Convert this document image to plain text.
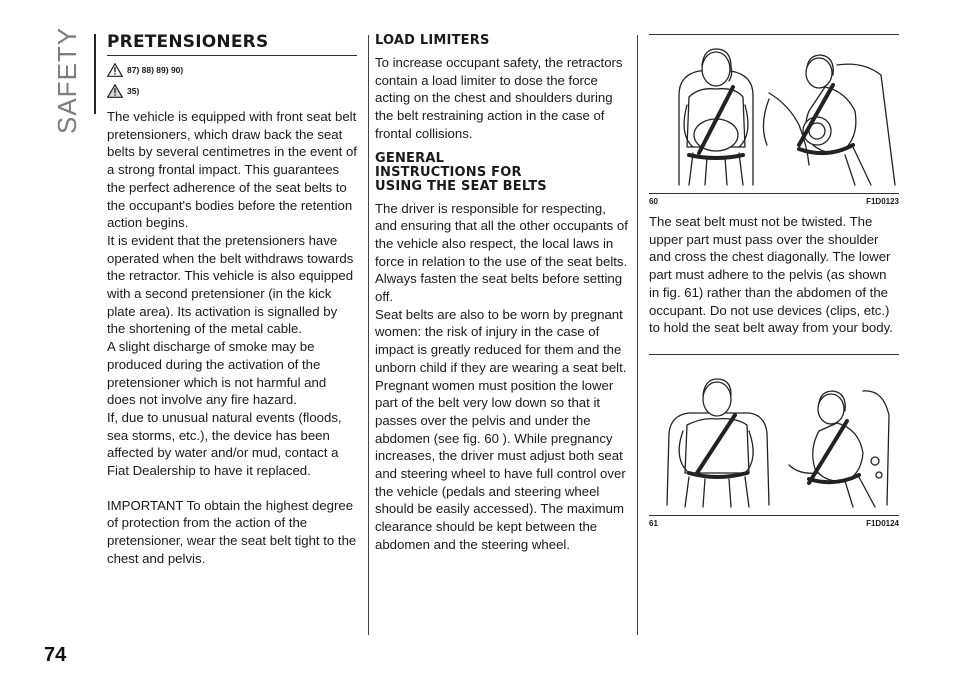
SAFETY
74
PRETENSIONERS
87) 88) 89) 90)
35)

The vehicle is equipped with front seat belt pretensioners, which draw back the seat belts by several centimetres in the event of a strong frontal impact. This guarantees the perfect adherence of the seat belts to the occupant's bodies before the retention action begins.

It is evident that the pretensioners have operated when the belt withdraws towards the retractor. This vehicle is also equipped with a second pretensioner (in the kick plate area). Its activation is signalled by the shortening of the metal cable.

A slight discharge of smoke may be produced during the activation of the pretensioner which is not harmful and does not involve any fire hazard.

If, due to unusual natural events (floods, sea storms, etc.), the device has been affected by water and/or mud, contact a Fiat Dealership to have it replaced.

IMPORTANT To obtain the highest degree of protection from the action of the pretensioner, wear the seat belt tight to the chest and pelvis.

LOAD LIMITERS

To increase occupant safety, the retractors contain a load limiter to dose the force acting on the chest and shoulders during the belt restraining action in the case of frontal collisions.

GENERAL
INSTRUCTIONS FOR
USING THE SEAT BELTS

The driver is responsible for respecting, and ensuring that all the other occupants of the vehicle also respect, the local laws in force in relation to the use of the seat belts. Always fasten the seat belts before setting off.

Seat belts are also to be worn by pregnant women: the risk of injury in the case of impact is greatly reduced for them and the unborn child if they are wearing a seat belt. Pregnant women must position the lower part of the belt very low down so that it passes over the pelvis and under the abdomen (see fig. 60 ). While pregnancy increases, the driver must adjust both seat and steering wheel to have full control over the vehicle (pedals and steering wheel should be easily accessed). The maximum clearance should be kept between the abdomen and the steering wheel.

60	F1D0123

The seat belt must not be twisted. The upper part must pass over the shoulder and cross the chest diagonally. The lower part must adhere to the pelvis (as shown in fig. 61) rather than the abdomen of the occupant. Do not use devices (clips, etc.) to hold the seat belt away from your body.

61	F1D0124
